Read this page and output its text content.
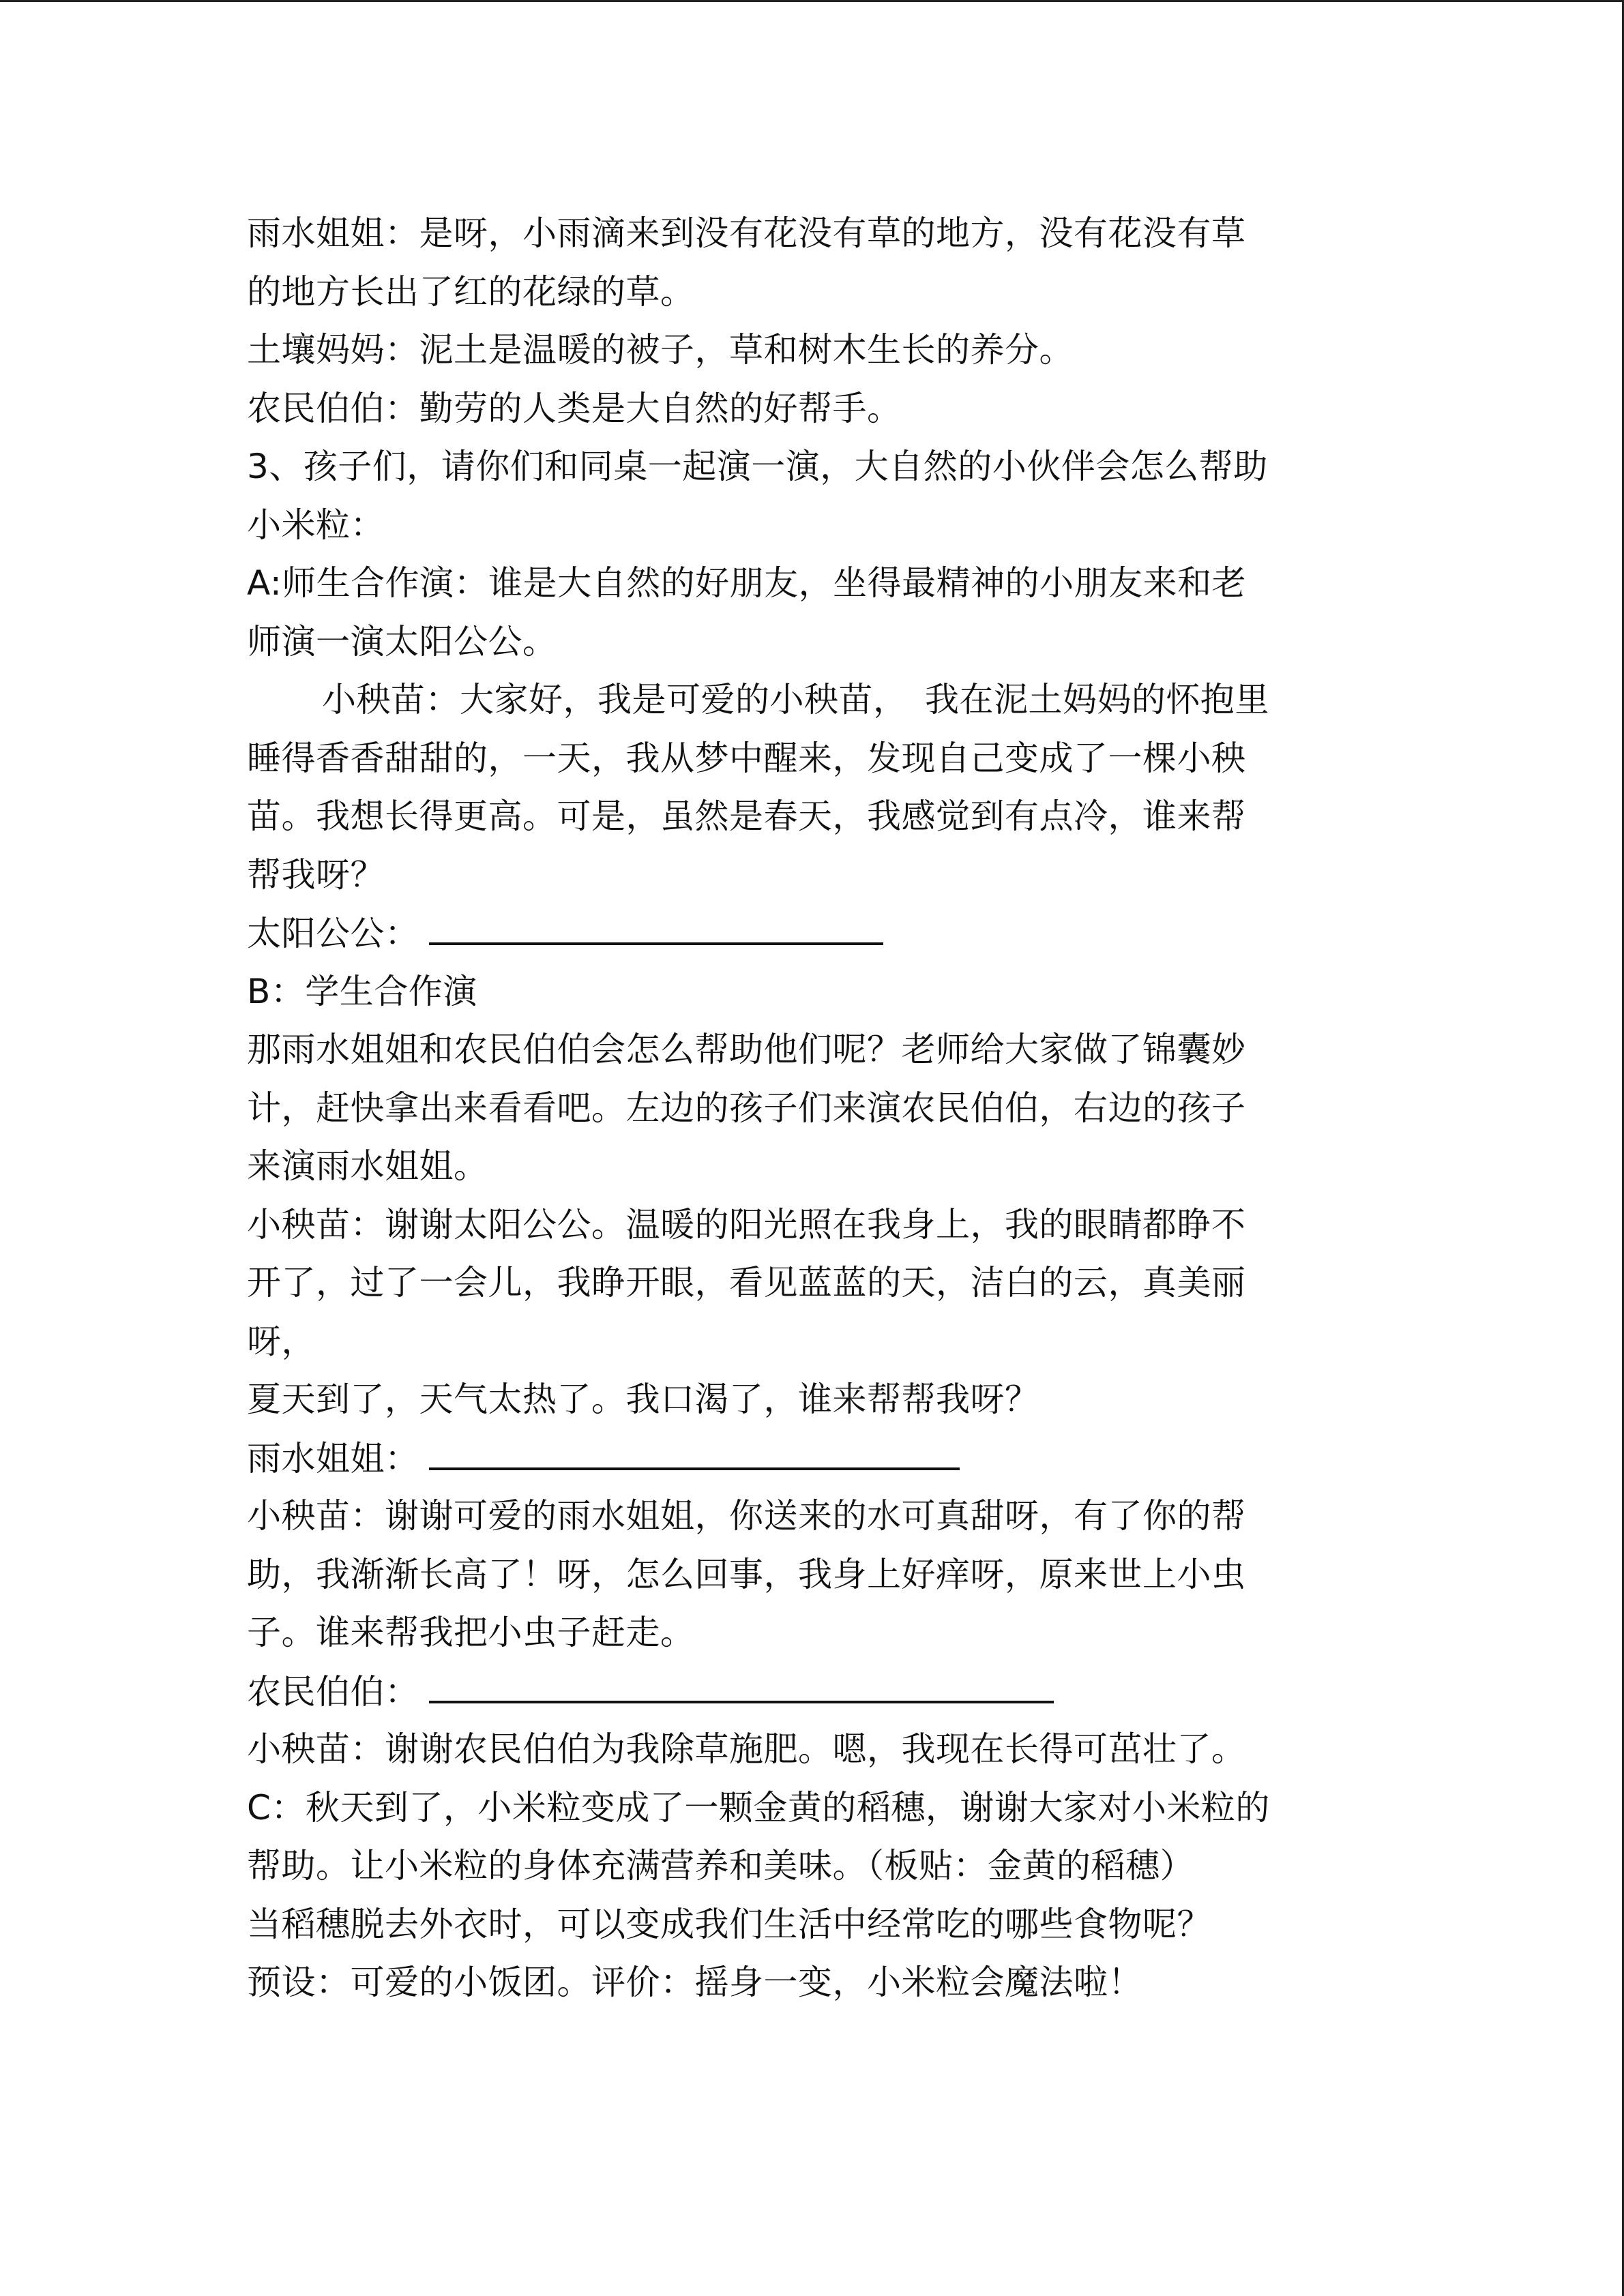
雨水姐姐：是呀，小雨滴来到没有花没有草的地方，没有花没有草
的地方长出了红的花绿的草。
土壤妈妈：泥土是温暖的被子，草和树木生长的养分。
农民伯伯：勤劳的人类是大自然的好帮手。
3、孩子们，请你们和同桌一起演一演，大自然的小伙伴会怎么帮助
小米粒：
A:师生合作演：谁是大自然的好朋友，坐得最精神的小朋友来和老
师演一演太阳公公。
小秧苗：大家好，我是可爱的小秧苗，　我在泥土妈妈的怀抱里
睡得香香甜甜的，一天，我从梦中醒来，发现自己变成了一棵小秧
苗。我想长得更高。可是，虽然是春天，我感觉到有点冷，谁来帮
帮我呀？
太阳公公：
B：学生合作演
那雨水姐姐和农民伯伯会怎么帮助他们呢？老师给大家做了锦囊妙
计，赶快拿出来看看吧。左边的孩子们来演农民伯伯，右边的孩子
来演雨水姐姐。
小秧苗：谢谢太阳公公。温暖的阳光照在我身上，我的眼睛都睁不
开了，过了一会儿，我睁开眼，看见蓝蓝的天，洁白的云，真美丽
呀，
夏天到了，天气太热了。我口渴了，谁来帮帮我呀？
雨水姐姐：
小秧苗：谢谢可爱的雨水姐姐，你送来的水可真甜呀，有了你的帮
助，我渐渐长高了！呀，怎么回事，我身上好痒呀，原来世上小虫
子。谁来帮我把小虫子赶走。
农民伯伯：
小秧苗：谢谢农民伯伯为我除草施肥。嗯，我现在长得可茁壮了。
C：秋天到了，小米粒变成了一颗金黄的稻穗，谢谢大家对小米粒的
帮助。让小米粒的身体充满营养和美味。（板贴：金黄的稻穗）
当稻穗脱去外衣时，可以变成我们生活中经常吃的哪些食物呢？
预设：可爱的小饭团。评价：摇身一变，小米粒会魔法啦！
